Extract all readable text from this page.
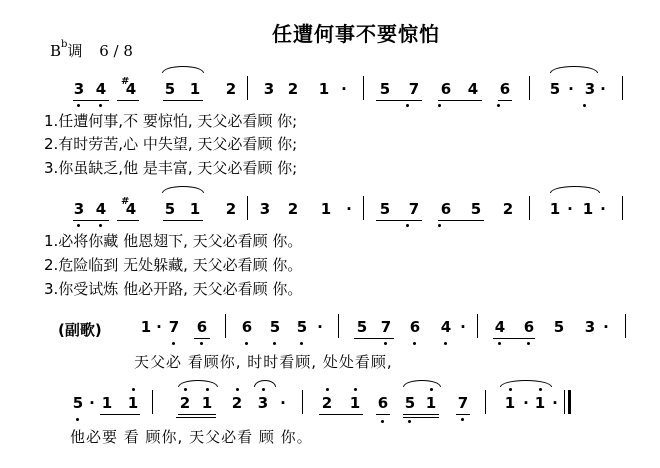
任遭何事不要惊怕
$B^b$调 6 / 8
3 4 #
4 5 1 2 3 2 1 · 5 7 6 4 6	5 · 3 ·
1.任遭何事,不 要惊怕, 天父必看顾 你;
2.有时劳苦,心 中失望, 天父必看顾 你;
3.你虽缺乏,他 是丰富, 天父必看顾 你;
3 4 #
4 5 1 2 3 2 1 · 5 7 6 5 2 1 · 1 ·
1.必将你藏 他恩翅下, 天父必看顾 你。
2.危险临到 无处躲藏, 天父必看顾 你。
3.你受试炼 他必开路, 天父必看顾 你。
(副歌)	1 · 7 6 6 5 5 · 5 7 6 4 · 4 6 5 3 ·
天父必 看顾你, 时时看顾, 处处看顾,
5 · 1 1	2 1 2 3 · 2 1 6 5 1 7 1 · 1 ·
他必要 看 顾你, 天父必看 顾 你。
